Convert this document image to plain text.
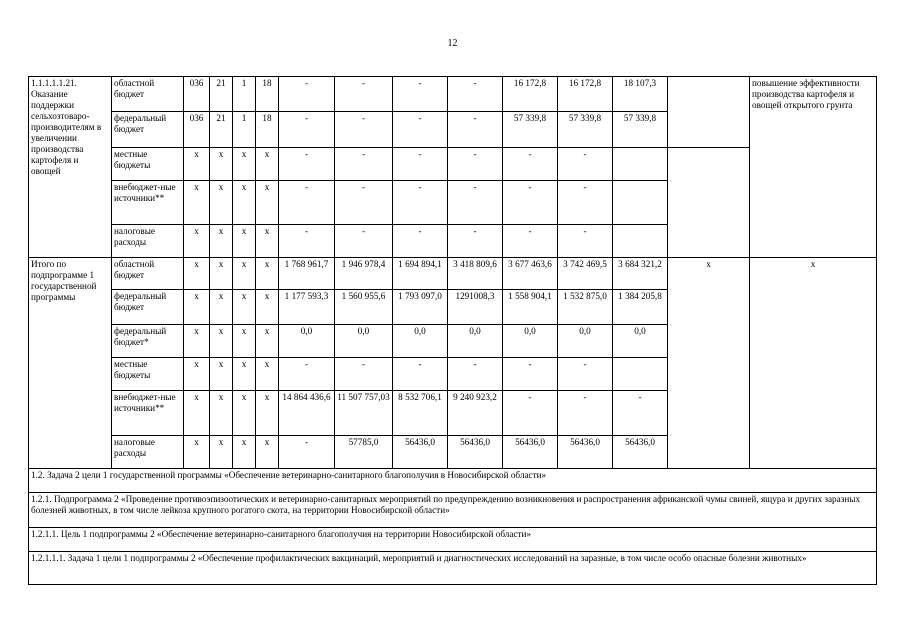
12
1.1.1.1.1.21. Оказание поддержки сельхозтоваро-производителям в увеличении производства картофеля и овощей	областной бюджет	036	21	1	18	-	-	-	-	16 172,8	16 172,8	18 107,3		повышение эффективности производства картофеля и овощей открытого грунта
	федеральный бюджет	036	21	1	18	-	-	-	-	57 339,8	57 339,8	57 339,8		
	местные бюджеты	х	х	х	х	-	-	-	-	-	-			
	внебюджет-ные источники**	х	х	х	х	-	-	-	-	-	-			
	налоговые расходы	х	х	х	х	-	-	-	-	-	-			
Итого по подпрограмме 1 государственной программы	областной бюджет	х	х	х	х	1 768 961,7	1 946 978,4	1 694 894,1	3 418 809,6	3 677 463,6	3 742 469,5	3 684 321,2	х	х
	федеральный бюджет	х	х	х	х	1 177 593,3	1 560 955,6	1 793 097,0	1291008,3	1 558 904,1	1 532 875,0	1 384 205,8		
	федеральный бюджет*	х	х	х	х	0,0	0,0	0,0	0,0	0,0	0,0	0,0		
	местные бюджеты	х	х	х	х	-	-	-	-	-	-			
	внебюджет-ные источники**	х	х	х	х	14 864 436,6	11 507 757,03	8 532 706,1	9 240 923,2	-	-	-		
	налоговые расходы	х	х	х	х	-	57785,0	56436,0	56436,0	56436,0	56436,0	56436,0		
1.2. Задача 2 цели 1 государственной программы «Обеспечение ветеринарно-санитарного благополучия в Новосибирской области»														
1.2.1. Подпрограмма 2 «Проведение противоэпизоотических и ветеринарно-санитарных мероприятий по предупреждению возникновения и распространения африканской чумы свиней, ящура и других заразных болезней животных, в том числе лейкоза крупного рогатого скота, на территории Новосибирской области»														
1.2.1.1. Цель 1 подпрограммы 2 «Обеспечение ветеринарно-санитарного благополучия на территории Новосибирской области»														
1.2.1.1.1. Задача 1 цели 1 подпрограммы 2 «Обеспечение профилактических вакцинаций, мероприятий и диагностических исследований на заразные, в том числе особо опасные болезни животных»														
